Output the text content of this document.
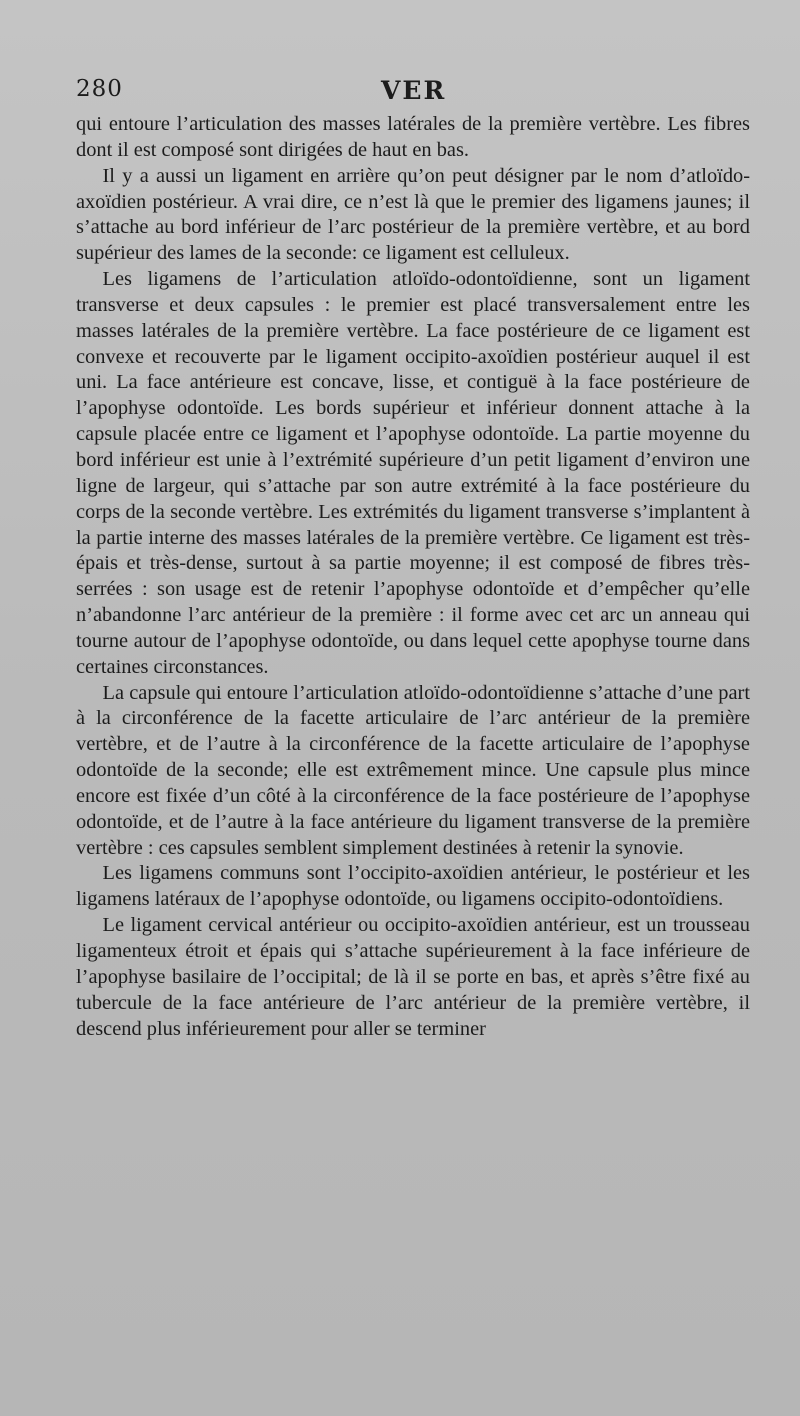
280	VER

qui entoure l’articulation des masses latérales de la première vertèbre. Les fibres dont il est composé sont dirigées de haut en bas.

Il y a aussi un ligament en arrière qu’on peut désigner par le nom d’atloïdo-axoïdien postérieur. A vrai dire, ce n’est là que le premier des ligamens jaunes; il s’attache au bord inférieur de l’arc postérieur de la première vertèbre, et au bord supérieur des lames de la seconde: ce ligament est celluleux.

Les ligamens de l’articulation atloïdo-odontoïdienne, sont un ligament transverse et deux capsules : le premier est placé transversalement entre les masses latérales de la première vertèbre. La face postérieure de ce ligament est convexe et recouverte par le ligament occipito-axoïdien postérieur auquel il est uni. La face antérieure est concave, lisse, et contiguë à la face postérieure de l’apophyse odontoïde. Les bords supérieur et inférieur donnent attache à la capsule placée entre ce ligament et l’apophyse odontoïde. La partie moyenne du bord inférieur est unie à l’extrémité supérieure d’un petit ligament d’environ une ligne de largeur, qui s’attache par son autre extrémité à la face postérieure du corps de la seconde vertèbre. Les extrémités du ligament transverse s’implantent à la partie interne des masses latérales de la première vertèbre. Ce ligament est très-épais et très-dense, surtout à sa partie moyenne; il est composé de fibres très-serrées : son usage est de retenir l’apophyse odontoïde et d’empêcher qu’elle n’abandonne l’arc antérieur de la première : il forme avec cet arc un anneau qui tourne autour de l’apophyse odontoïde, ou dans lequel cette apophyse tourne dans certaines circonstances.

La capsule qui entoure l’articulation atloïdo-odontoïdienne s’attache d’une part à la circonférence de la facette articulaire de l’arc antérieur de la première vertèbre, et de l’autre à la circonférence de la facette articulaire de l’apophyse odontoïde de la seconde; elle est extrêmement mince. Une capsule plus mince encore est fixée d’un côté à la circonférence de la face postérieure de l’apophyse odontoïde, et de l’autre à la face antérieure du ligament transverse de la première vertèbre : ces capsules semblent simplement destinées à retenir la synovie.

Les ligamens communs sont l’occipito-axoïdien antérieur, le postérieur et les ligamens latéraux de l’apophyse odontoïde, ou ligamens occipito-odontoïdiens.

Le ligament cervical antérieur ou occipito-axoïdien antérieur, est un trousseau ligamenteux étroit et épais qui s’attache supérieurement à la face inférieure de l’apophyse basilaire de l’occipital; de là il se porte en bas, et après s’être fixé au tubercule de la face antérieure de l’arc antérieur de la première vertèbre, il descend plus inférieurement pour aller se terminer
